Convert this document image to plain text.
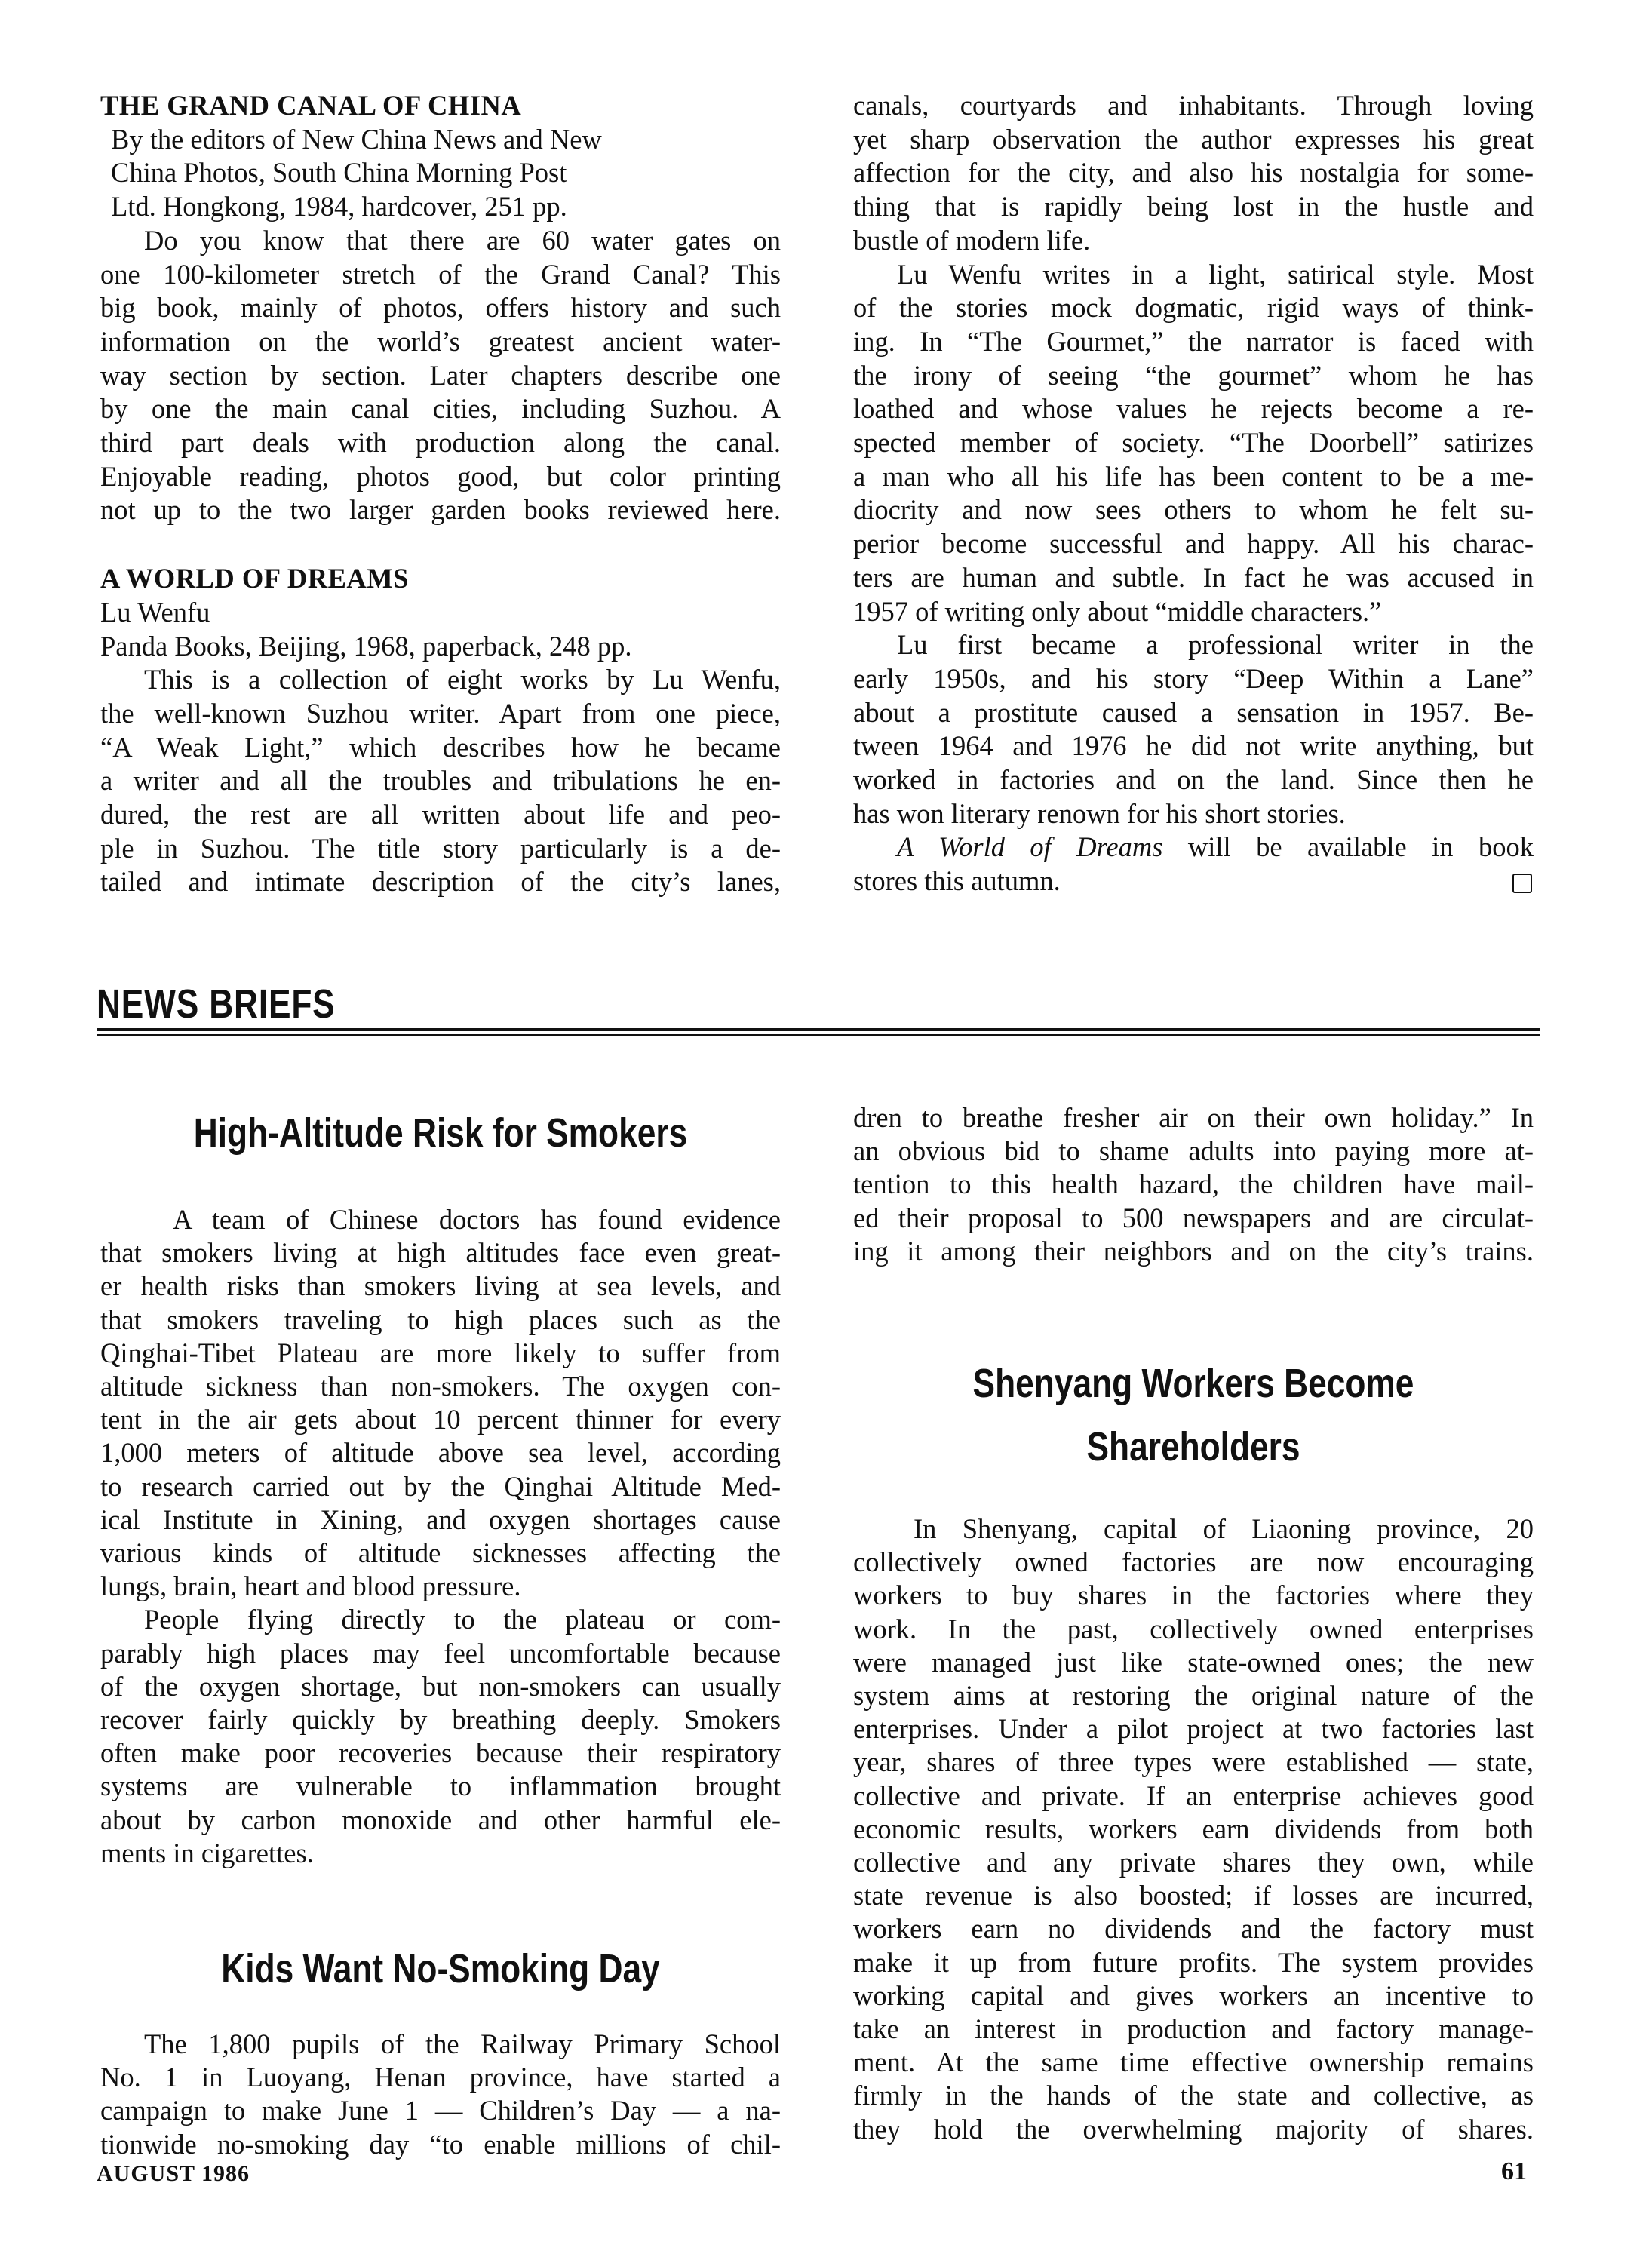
THE GRAND CANAL OF CHINA
By the editors of New China News and New
China Photos, South China Morning Post
Ltd. Hongkong, 1984, hardcover, 251 pp.

Do you know that there are 60 water gates on
one 100-kilometer stretch of the Grand Canal? This
big book, mainly of photos, offers history and such
information on the world’s greatest ancient water-
way section by section. Later chapters describe one
by one the main canal cities, including Suzhou. A
third part deals with production along the canal.
Enjoyable reading, photos good, but color printing
not up to the two larger garden books reviewed here.

A WORLD OF DREAMS
Lu Wenfu
Panda Books, Beijing, 1968, paperback, 248 pp.

This is a collection of eight works by Lu Wenfu,
the well-known Suzhou writer. Apart from one piece,
“A Weak Light,” which describes how he became
a writer and all the troubles and tribulations he en-
dured, the rest are all written about life and peo-
ple in Suzhou. The title story particularly is a de-
tailed and intimate description of the city’s lanes,

canals, courtyards and inhabitants. Through loving
yet sharp observation the author expresses his great
affection for the city, and also his nostalgia for some-
thing that is rapidly being lost in the hustle and
bustle of modern life.

Lu Wenfu writes in a light, satirical style. Most
of the stories mock dogmatic, rigid ways of think-
ing. In “The Gourmet,” the narrator is faced with
the irony of seeing “the gourmet” whom he has
loathed and whose values he rejects become a re-
spected member of society. “The Doorbell” satirizes
a man who all his life has been content to be a me-
diocrity and now sees others to whom he felt su-
perior become successful and happy. All his charac-
ters are human and subtle. In fact he was accused in
1957 of writing only about “middle characters.”

Lu first became a professional writer in the
early 1950s, and his story “Deep Within a Lane”
about a prostitute caused a sensation in 1957. Be-
tween 1964 and 1976 he did not write anything, but
worked in factories and on the land. Since then he
has won literary renown for his short stories.

A World of Dreams will be available in book
stores this autumn.

NEWS BRIEFS
High-Altitude Risk for Smokers

A team of Chinese doctors has found evidence
that smokers living at high altitudes face even great-
er health risks than smokers living at sea levels, and
that smokers traveling to high places such as the
Qinghai-Tibet Plateau are more likely to suffer from
altitude sickness than non-smokers. The oxygen con-
tent in the air gets about 10 percent thinner for every
1,000 meters of altitude above sea level, according
to research carried out by the Qinghai Altitude Med-
ical Institute in Xining, and oxygen shortages cause
various kinds of altitude sicknesses affecting the
lungs, brain, heart and blood pressure.

People flying directly to the plateau or com-
parably high places may feel uncomfortable because
of the oxygen shortage, but non-smokers can usually
recover fairly quickly by breathing deeply. Smokers
often make poor recoveries because their respiratory
systems are vulnerable to inflammation brought
about by carbon monoxide and other harmful ele-
ments in cigarettes.

Kids Want No-Smoking Day

The 1,800 pupils of the Railway Primary School
No. 1 in Luoyang, Henan province, have started a
campaign to make June 1 — Children’s Day — a na-
tionwide no-smoking day “to enable millions of chil-

dren to breathe fresher air on their own holiday.” In
an obvious bid to shame adults into paying more at-
tention to this health hazard, the children have mail-
ed their proposal to 500 newspapers and are circulat-
ing it among their neighbors and on the city’s trains.

Shenyang Workers Become
Shareholders

In Shenyang, capital of Liaoning province, 20
collectively owned factories are now encouraging
workers to buy shares in the factories where they
work. In the past, collectively owned enterprises
were managed just like state-owned ones; the new
system aims at restoring the original nature of the
enterprises. Under a pilot project at two factories last
year, shares of three types were established — state,
collective and private. If an enterprise achieves good
economic results, workers earn dividends from both
collective and any private shares they own, while
state revenue is also boosted; if losses are incurred,
workers earn no dividends and the factory must
make it up from future profits. The system provides
working capital and gives workers an incentive to
take an interest in production and factory manage-
ment. At the same time effective ownership remains
firmly in the hands of the state and collective, as
they hold the overwhelming majority of shares.

AUGUST 1986	61
